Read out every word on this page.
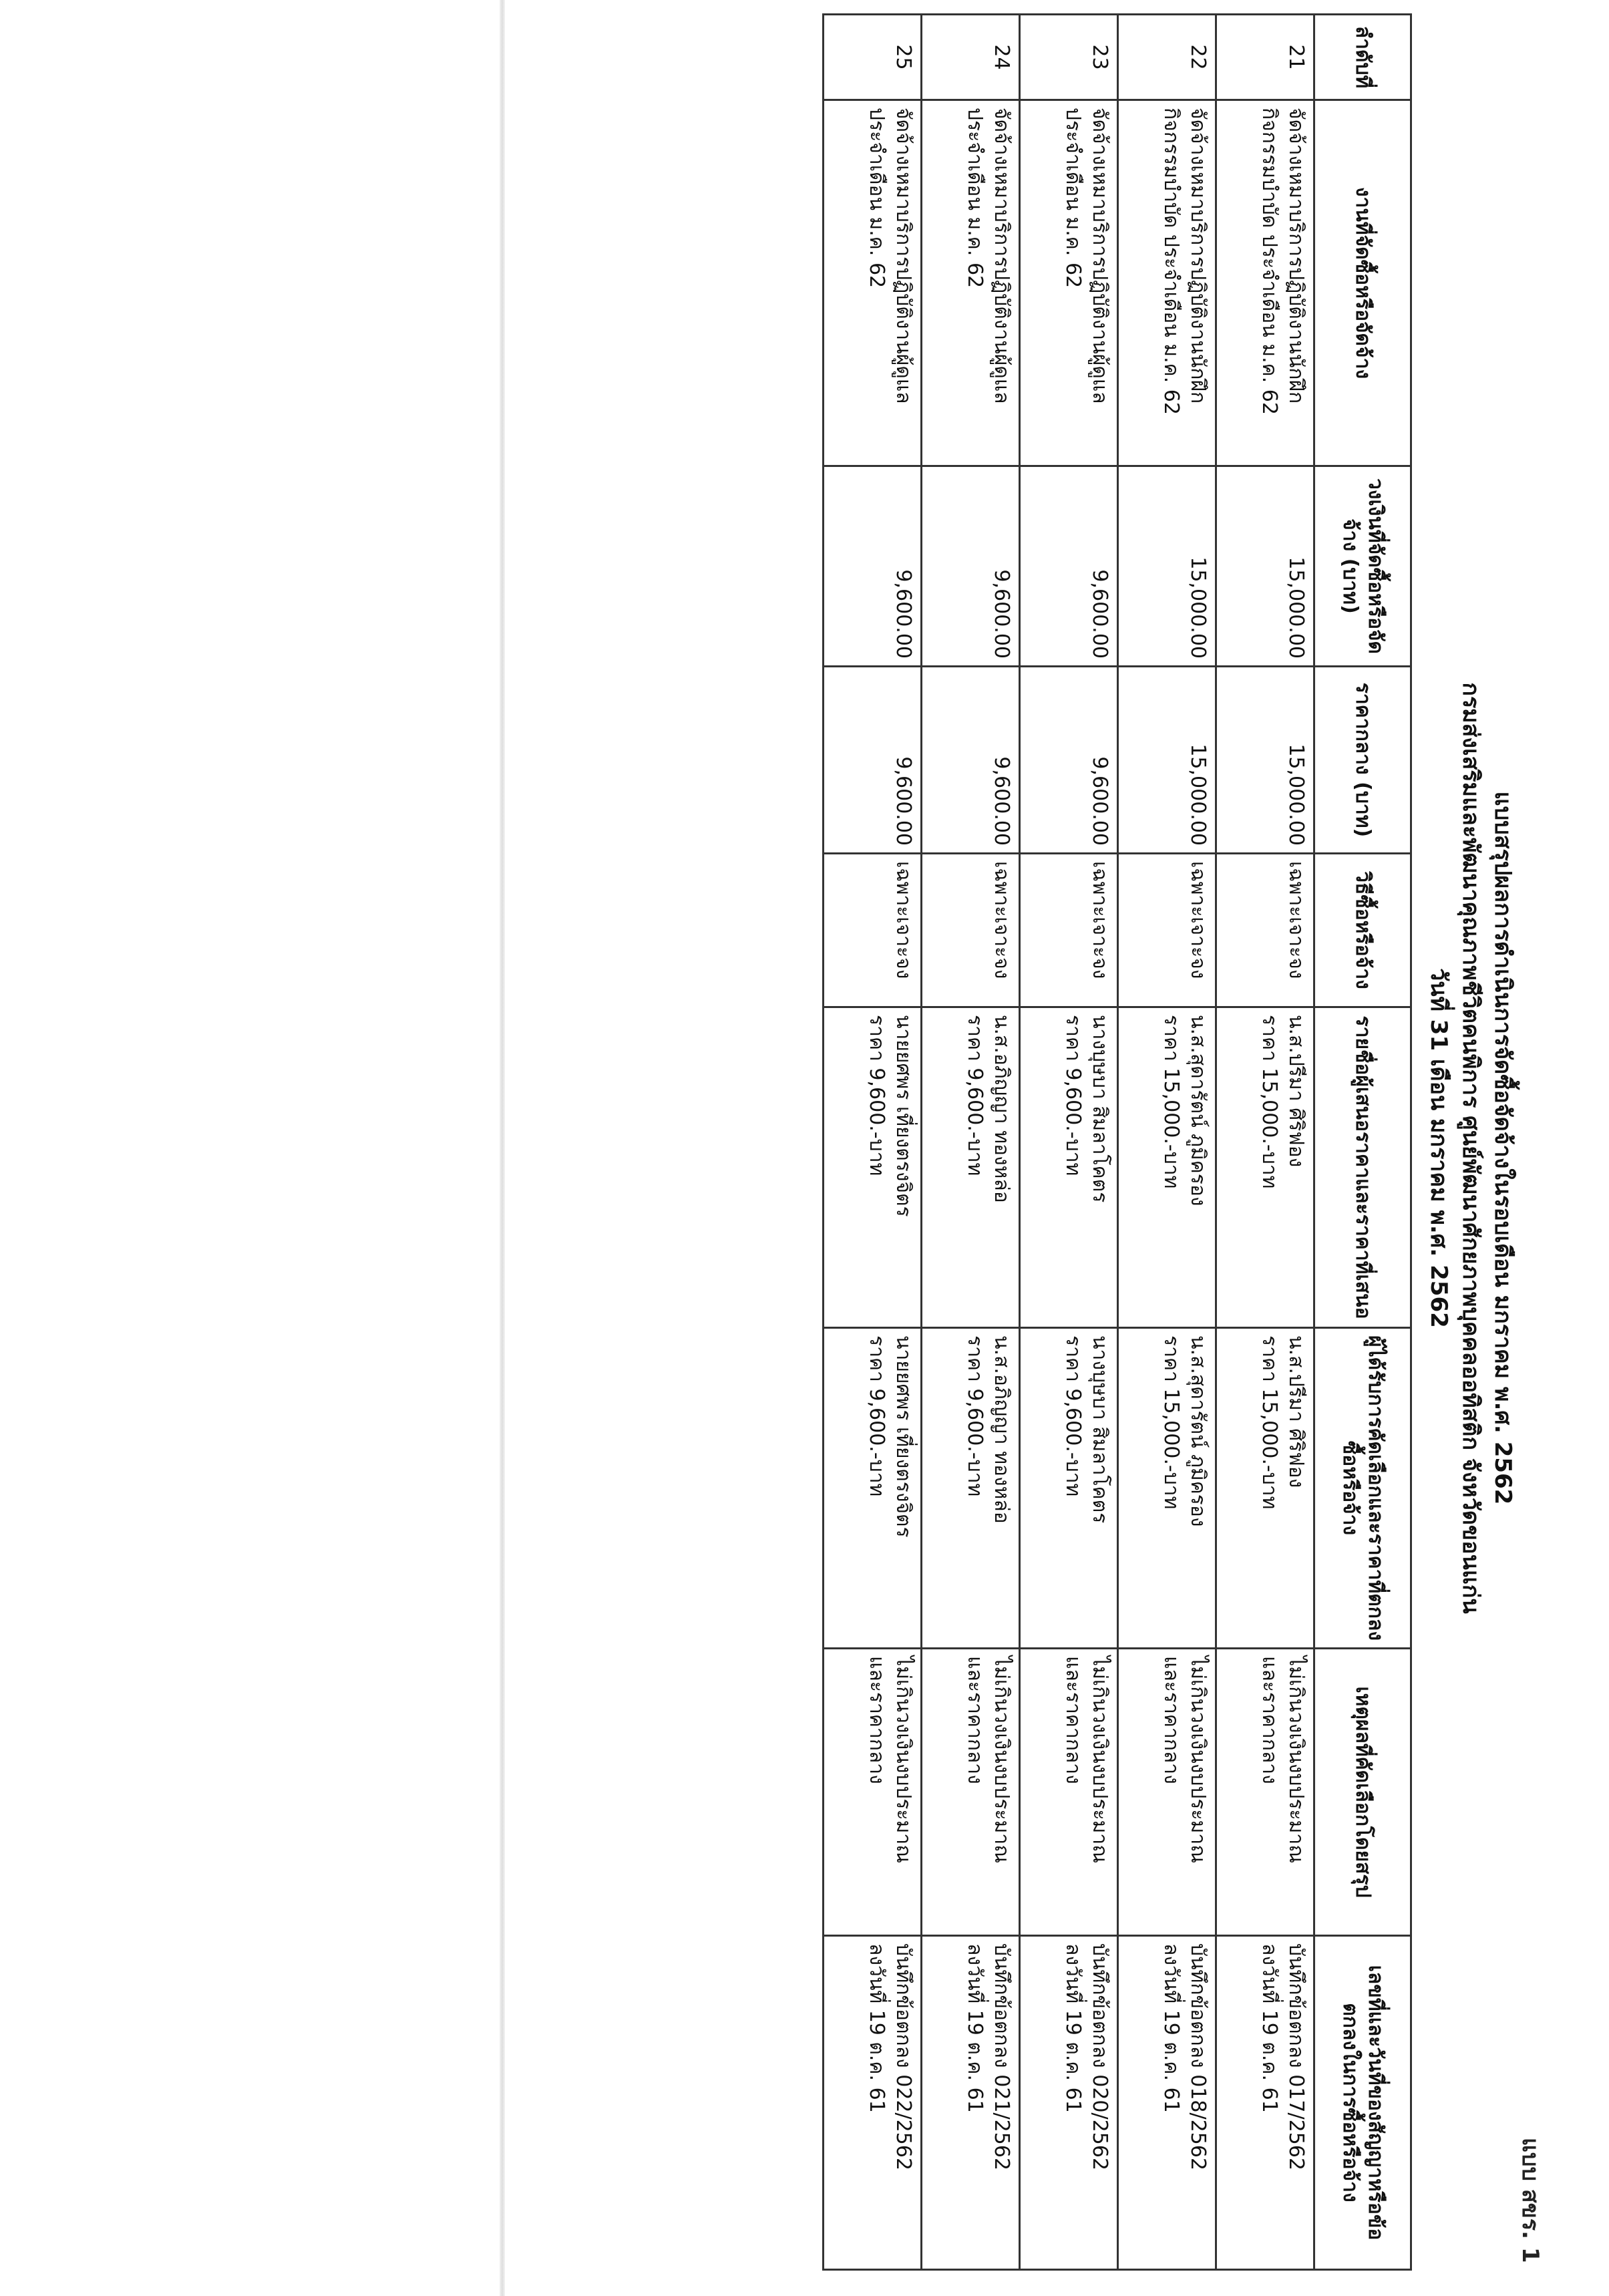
แบบ สขร. 1
แบบสรุปผลการดำเนินการจัดซื้อจัดจ้างในรอบเดือน มกราคม พ.ศ. 2562
กรมส่งเสริมและพัฒนาคุณภาพชีวิตคนพิการ ศูนย์พัฒนาศักยภาพบุคคลออทิสติก จังหวัดขอนแก่น
วันที่ 31 เดือน มกราคม พ.ศ. 2562
ลำดับที่	งานที่จัดซื้อหรือจัดจ้าง	วงเงินที่จัดซื้อหรือจัดจ้าง (บาท)	ราคากลาง (บาท)	วิธีซื้อหรือจ้าง	รายชื่อผู้เสนอราคาและราคาที่เสนอ	ผู้ได้รับการคัดเลือกและราคาที่ตกลงซื้อหรือจ้าง	เหตุผลที่คัดเลือกโดยสรุป	เลขที่และวันที่ของสัญญาหรือข้อตกลงในการซื้อหรือจ้าง
21	จัดจ้างเหมาบริการปฏิบัติงานนักฝึก
กิจกรรมบำบัด ประจำเดือน ม.ค. 62	15,000.00	15,000.00	เฉพาะเจาะจง	น.ส.ปรีมา ศิริฟอง
ราคา 15,000.-บาท	น.ส.ปรีมา ศิริฟอง
ราคา 15,000.-บาท	ไม่เกินวงเงินงบประมาณ
และราคากลาง	บันทึกข้อตกลง 017/2562
ลงวันที่ 19 ต.ค. 61

22	จัดจ้างเหมาบริการปฏิบัติงานนักฝึก
กิจกรรมบำบัด ประจำเดือน ม.ค. 62	15,000.00	15,000.00	เฉพาะเจาะจง	น.ส.สุดารัตน์ ภูมิครอง
ราคา 15,000.-บาท	น.ส.สุดารัตน์ ภูมิครอง
ราคา 15,000.-บาท	ไม่เกินวงเงินงบประมาณ
และราคากลาง	บันทึกข้อตกลง 018/2562
ลงวันที่ 19 ต.ค. 61

23	จัดจ้างเหมาบริการปฏิบัติงานผู้ดูแล
ประจำเดือน ม.ค. 62	9,600.00	9,600.00	เฉพาะเจาะจง	นางบุษบา สิมลาโคตร
ราคา 9,600.-บาท	นางบุษบา สิมลาโคตร
ราคา 9,600.-บาท	ไม่เกินวงเงินงบประมาณ
และราคากลาง	บันทึกข้อตกลง 020/2562
ลงวันที่ 19 ต.ค. 61

24	จัดจ้างเหมาบริการปฏิบัติงานผู้ดูแล
ประจำเดือน ม.ค. 62	9,600.00	9,600.00	เฉพาะเจาะจง	น.ส.อภิญญา ทองหล่อ
ราคา 9,600.-บาท	น.ส.อภิญญา ทองหล่อ
ราคา 9,600.-บาท	ไม่เกินวงเงินงบประมาณ
และราคากลาง	บันทึกข้อตกลง 021/2562
ลงวันที่ 19 ต.ค. 61

25	จัดจ้างเหมาบริการปฏิบัติงานผู้ดูแล
ประจำเดือน ม.ค. 62	9,600.00	9,600.00	เฉพาะเจาะจง	นายยศพร เที่ยงตรงจิตร
ราคา 9,600.-บาท	นายยศพร เที่ยงตรงจิตร
ราคา 9,600.-บาท	ไม่เกินวงเงินงบประมาณ
และราคากลาง	บันทึกข้อตกลง 022/2562
ลงวันที่ 19 ต.ค. 61
